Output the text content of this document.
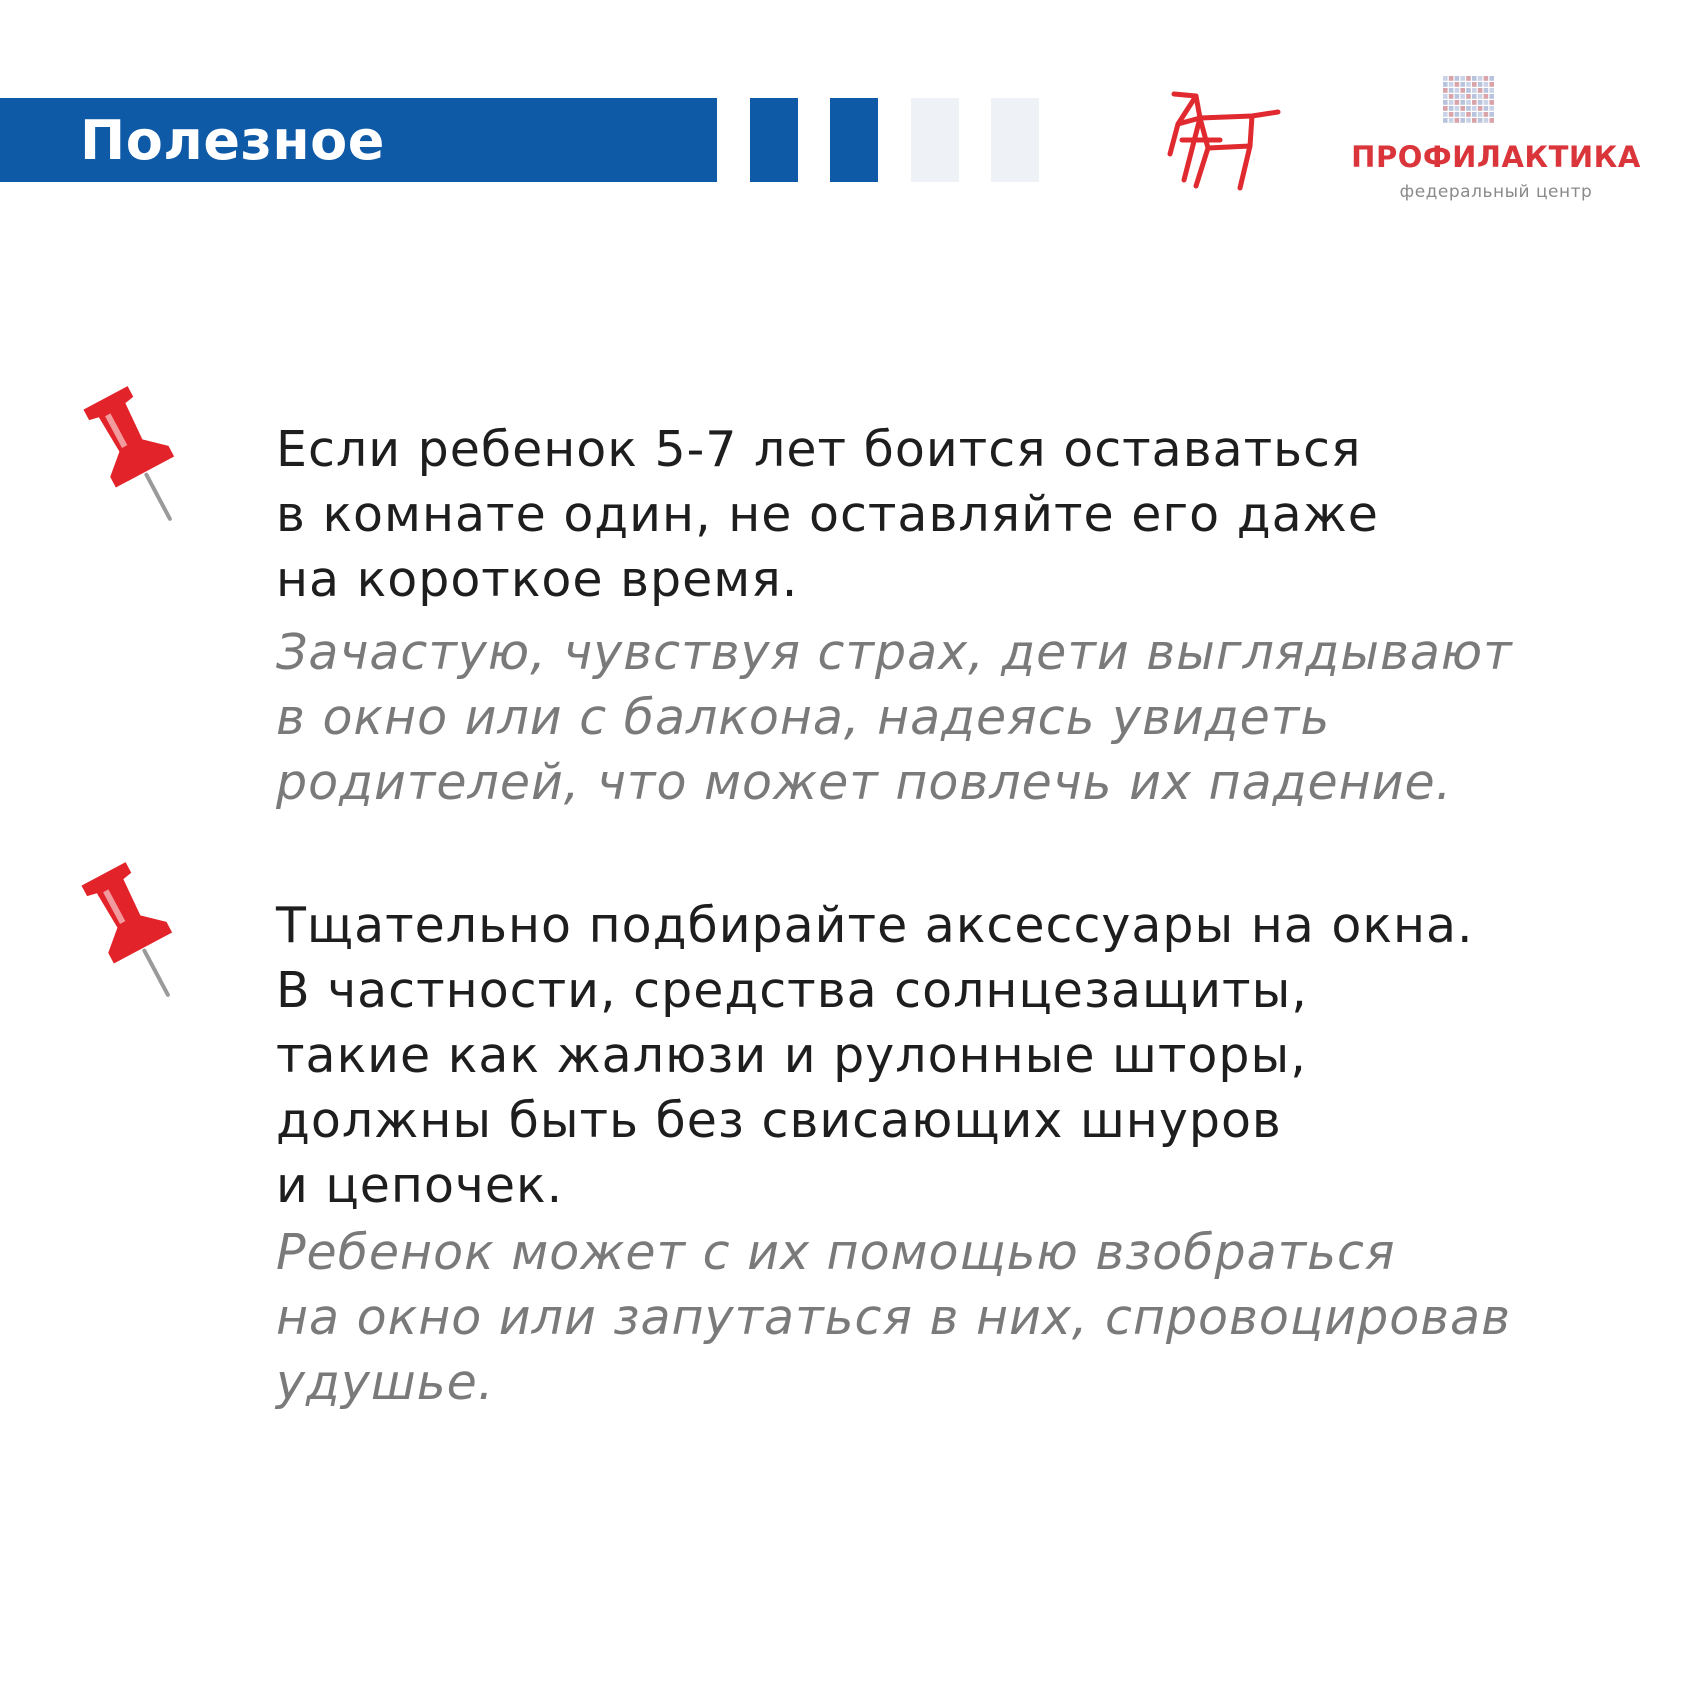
Полезное	ПРОФИЛАКТИКА
федеральный центр
Если ребенок 5-7 лет боится оставаться
в комнате один, не оставляйте его даже
на короткое время.
Зачастую, чувствуя страх, дети выглядывают
в окно или с балкона, надеясь увидеть
родителей, что может повлечь их падение.
Тщательно подбирайте аксессуары на окна.
В частности, средства солнцезащиты,
такие как жалюзи и рулонные шторы,
должны быть без свисающих шнуров
и цепочек.
Ребенок может с их помощью взобраться
на окно или запутаться в них, спровоцировав
удушье.
